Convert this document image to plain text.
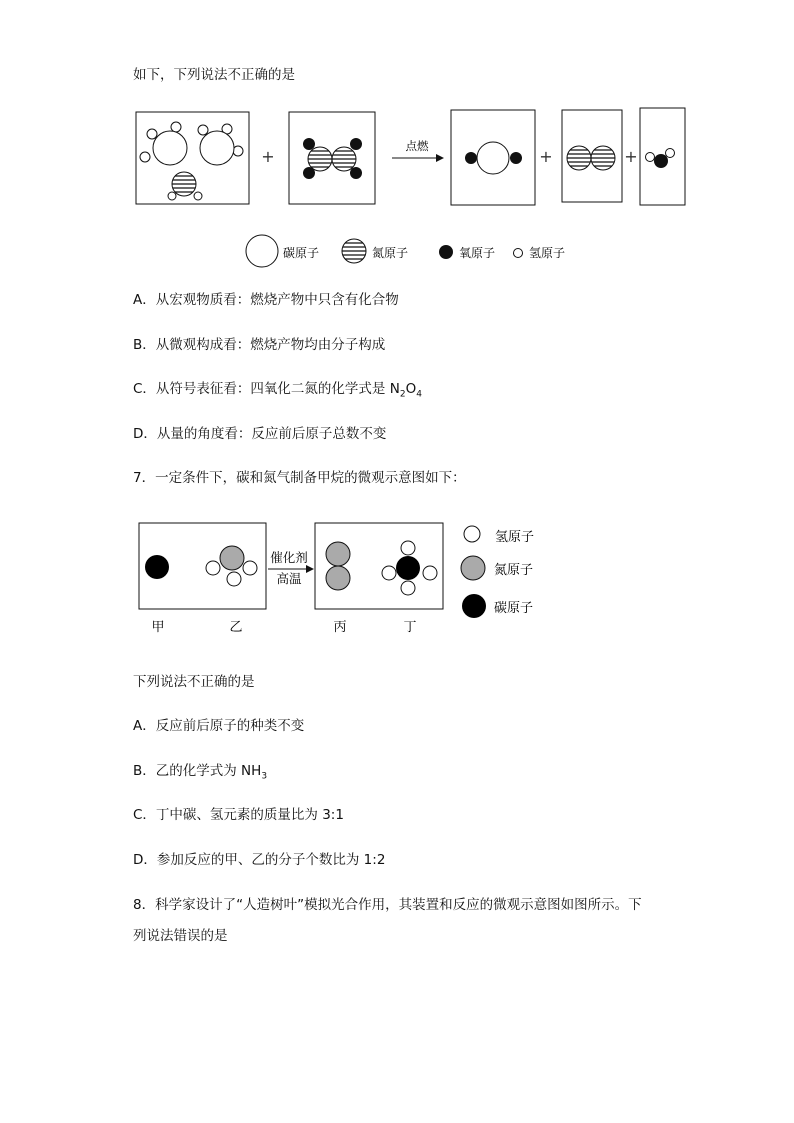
如下，下列说法不正确的是
+
点燃
+	+
碳原子	氮原子	氧原子	氢原子
A．从宏观物质看：燃烧产物中只含有化合物
B．从微观构成看：燃烧产物均由分子构成
C．从符号表征看：四氧化二氮的化学式是 $N_2O_4$
D．从量的角度看：反应前后原子总数不变
7．一定条件下，碳和氮气制备甲烷的微观示意图如下：
催化剂
高温
甲	乙	丙	丁
氢原子
氮原子
碳原子
下列说法不正确的是
A．反应前后原子的种类不变
B．乙的化学式为 $NH_3$
C．丁中碳、氢元素的质量比为 3:1
D．参加反应的甲、乙的分子个数比为 1:2
8．科学家设计了“人造树叶”模拟光合作用，其装置和反应的微观示意图如图所示。下
列说法错误的是
